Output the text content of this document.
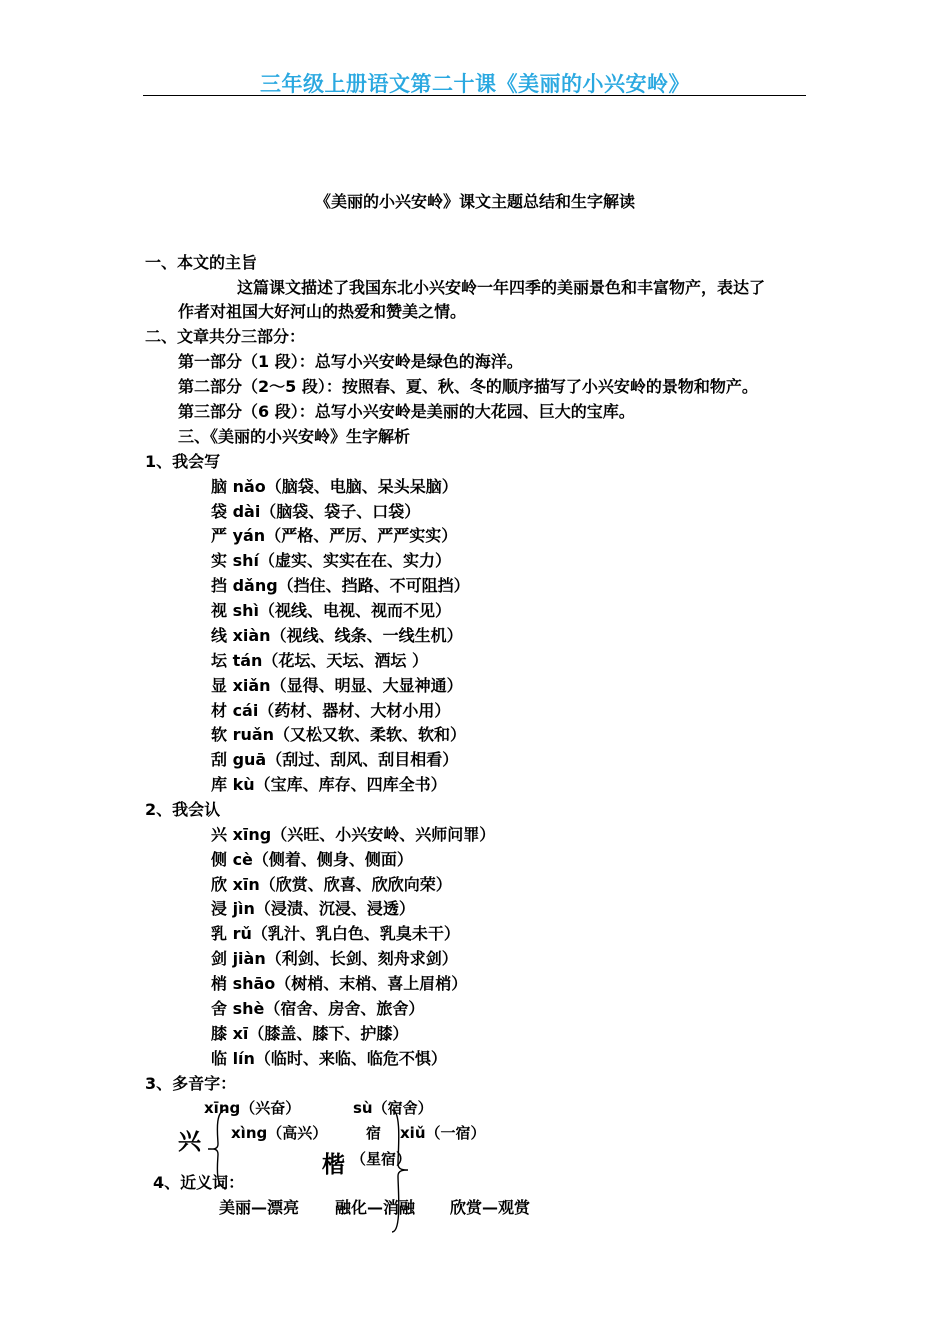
三年级上册语文第二十课《美丽的小兴安岭》
《美丽的小兴安岭》课文主题总结和生字解读
一、本文的主旨
这篇课文描述了我国东北小兴安岭一年四季的美丽景色和丰富物产，表达了
作者对祖国大好河山的热爱和赞美之情。
二、文章共分三部分：
第一部分（1 段）：总写小兴安岭是绿色的海洋。
第二部分（2～5 段）：按照春、夏、秋、冬的顺序描写了小兴安岭的景物和物产。
第三部分（6 段）：总写小兴安岭是美丽的大花园、巨大的宝库。
三、《美丽的小兴安岭》生字解析
1、我会写
脑 nǎo（脑袋、电脑、呆头呆脑）
袋 dài（脑袋、袋子、口袋）
严 yán（严格、严厉、严严实实）
实 shí（虚实、实实在在、实力）
挡 dǎng（挡住、挡路、不可阻挡）
视 shì（视线、电视、视而不见）
线 xiàn（视线、线条、一线生机）
坛 tán（花坛、天坛、酒坛 ）
显 xiǎn（显得、明显、大显神通）
材 cái（药材、器材、大材小用）
软 ruǎn（又松又软、柔软、软和）
刮 guā（刮过、刮风、刮目相看）
库 kù（宝库、库存、四库全书）
2、我会认
兴 xīng（兴旺、小兴安岭、兴师问罪）
侧 cè（侧着、侧身、侧面）
欣 xīn（欣赏、欣喜、欣欣向荣）
浸 jìn（浸渍、沉浸、浸透）
乳 rǔ（乳汁、乳白色、乳臭未干）
剑 jiàn（利剑、长剑、刻舟求剑）
梢 shāo（树梢、末梢、喜上眉梢）
舍 shè（宿舍、房舍、旅舍）
膝 xī（膝盖、膝下、护膝）
临 lín（临时、来临、临危不惧）
3、多音字：
xīng（兴奋）	sù（宿舍）
兴 xìng（高兴）	宿 xiǔ（一宿）
楷 （星宿）
4、近义词：
美丽—漂亮 融化—消融 欣赏—观赏
